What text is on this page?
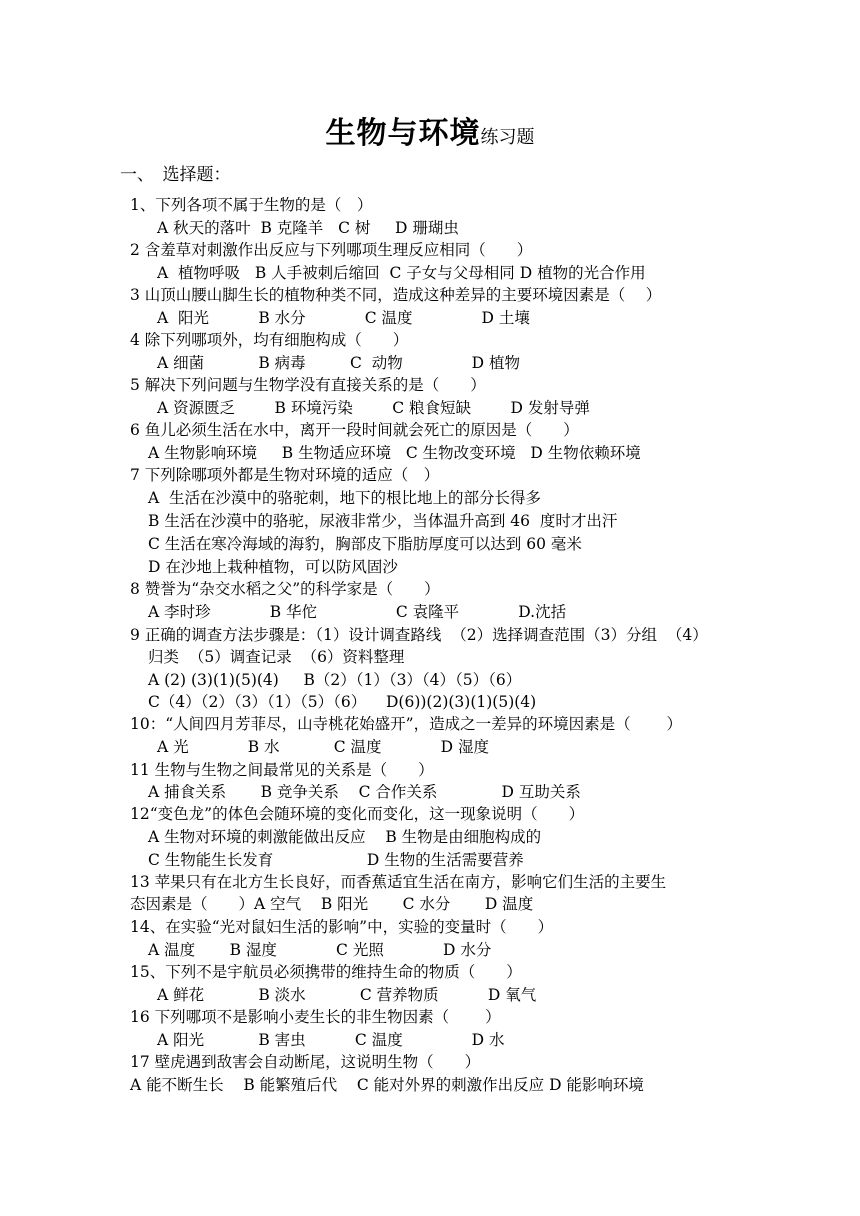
生物与环境练习题
一、　选择题：
1、下列各项不属于生物的是（　）
A 秋天的落叶  B 克隆羊   C 树     D 珊瑚虫
2 含羞草对刺激作出反应与下列哪项生理反应相同（　　）
A  植物呼吸   B 人手被刺后缩回  C 子女与父母相同 D 植物的光合作用
3 山顶山腰山脚生长的植物种类不同，造成这种差异的主要环境因素是（　 ）
A  阳光          B 水分            C 温度              D 土壤
4 除下列哪项外，均有细胞构成（　　）
A 细菌           B 病毒         C  动物              D 植物
5 解决下列问题与生物学没有直接关系的是（　　）
A 资源匮乏        B 环境污染        C 粮食短缺        D 发射导弹
6 鱼儿必须生活在水中，离开一段时间就会死亡的原因是（　　）
A 生物影响环境     B 生物适应环境   C 生物改变环境   D 生物依赖环境
7 下列除哪项外都是生物对环境的适应（　）
A  生活在沙漠中的骆驼刺，地下的根比地上的部分长得多
B 生活在沙漠中的骆驼，尿液非常少，当体温升高到 46  度时才出汗
C 生活在寒冷海域的海豹，胸部皮下脂肪厚度可以达到 60 毫米
D 在沙地上栽种植物，可以防风固沙
8 赞誉为“杂交水稻之父”的科学家是（　　）
A 李时珍            B 华佗                C 袁隆平            D.沈括
9 正确的调查方法步骤是：（1）设计调查路线  （2）选择调查范围（3）分组  （4）
归类  （5）调查记录  （6）资料整理
A (2) (3)(1)(5)(4)     B（2）（1）（3）（4）（5）（6）
C（4）（2）（3）（1）（5）（6）    D(6))(2)(3)(1)(5)(4)
10：“人间四月芳菲尽，山寺桃花始盛开”，造成之一差异的环境因素是（　　 ）
A 光            B 水           C 温度            D 湿度
11 生物与生物之间最常见的关系是（　　）
A 捕食关系       B 竞争关系    C 合作关系             D 互助关系
12“变色龙”的体色会随环境的变化而变化，这一现象说明（　　）
A 生物对环境的刺激能做出反应    B 生物是由细胞构成的
C 生物能生长发育                   D 生物的生活需要营养
13 苹果只有在北方生长良好，而香蕉适宜生活在南方，影响它们生活的主要生
态因素是（　　）A 空气    B 阳光       C 水分       D 温度
14、在实验“光对鼠妇生活的影响”中，实验的变量时（　　）
A 温度       B 湿度            C 光照            D 水分
15、下列不是宇航员必须携带的维持生命的物质（　　）
A 鲜花           B 淡水           C 营养物质          D 氧气
16 下列哪项不是影响小麦生长的非生物因素（　　 ）
A 阳光           B 害虫          C 温度              D 水
17 壁虎遇到敌害会自动断尾，这说明生物（　　）
A 能不断生长    B 能繁殖后代    C 能对外界的刺激作出反应 D 能影响环境
